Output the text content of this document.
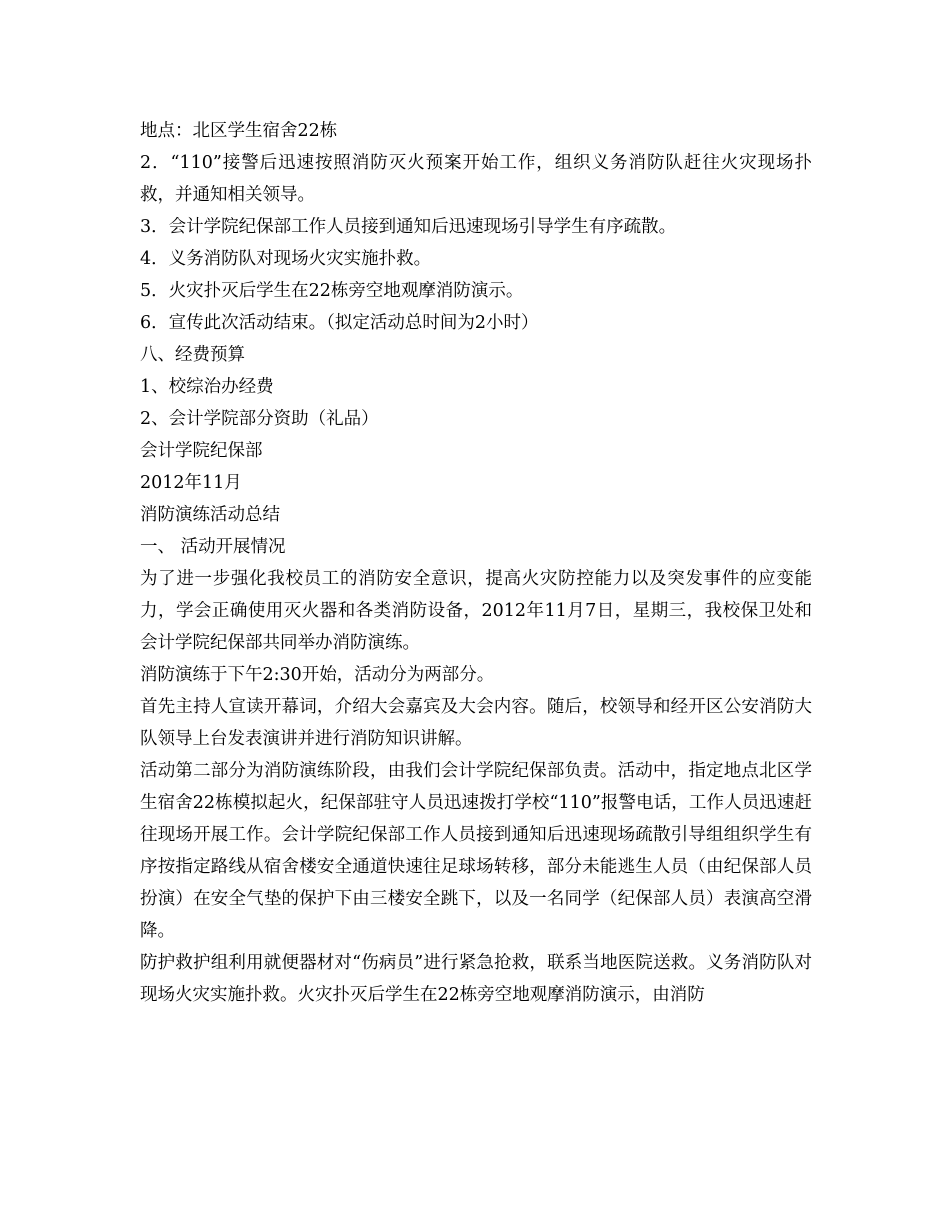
地点：北区学生宿舍22栋

2．“110”接警后迅速按照消防灭火预案开始工作，组织义务消防队赶往火灾现场扑救，并通知相关领导。

3．会计学院纪保部工作人员接到通知后迅速现场引导学生有序疏散。

4．义务消防队对现场火灾实施扑救。

5．火灾扑灭后学生在22栋旁空地观摩消防演示。

6．宣传此次活动结束。（拟定活动总时间为2小时）

八、经费预算

1、校综治办经费

2、会计学院部分资助（礼品）

会计学院纪保部

2012年11月

消防演练活动总结

一、 活动开展情况

为了进一步强化我校员工的消防安全意识，提高火灾防控能力以及突发事件的应变能力，学会正确使用灭火器和各类消防设备，2012年11月7日，星期三，我校保卫处和会计学院纪保部共同举办消防演练。

消防演练于下午2:30开始，活动分为两部分。

首先主持人宣读开幕词，介绍大会嘉宾及大会内容。随后，校领导和经开区公安消防大队领导上台发表演讲并进行消防知识讲解。

活动第二部分为消防演练阶段，由我们会计学院纪保部负责。活动中，指定地点北区学生宿舍22栋模拟起火，纪保部驻守人员迅速拨打学校“110”报警电话，工作人员迅速赶往现场开展工作。会计学院纪保部工作人员接到通知后迅速现场疏散引导组组织学生有序按指定路线从宿舍楼安全通道快速往足球场转移，部分未能逃生人员（由纪保部人员扮演）在安全气垫的保护下由三楼安全跳下，以及一名同学（纪保部人员）表演高空滑降。

防护救护组利用就便器材对“伤病员”进行紧急抢救，联系当地医院送救。义务消防队对现场火灾实施扑救。火灾扑灭后学生在22栋旁空地观摩消防演示，由消防
